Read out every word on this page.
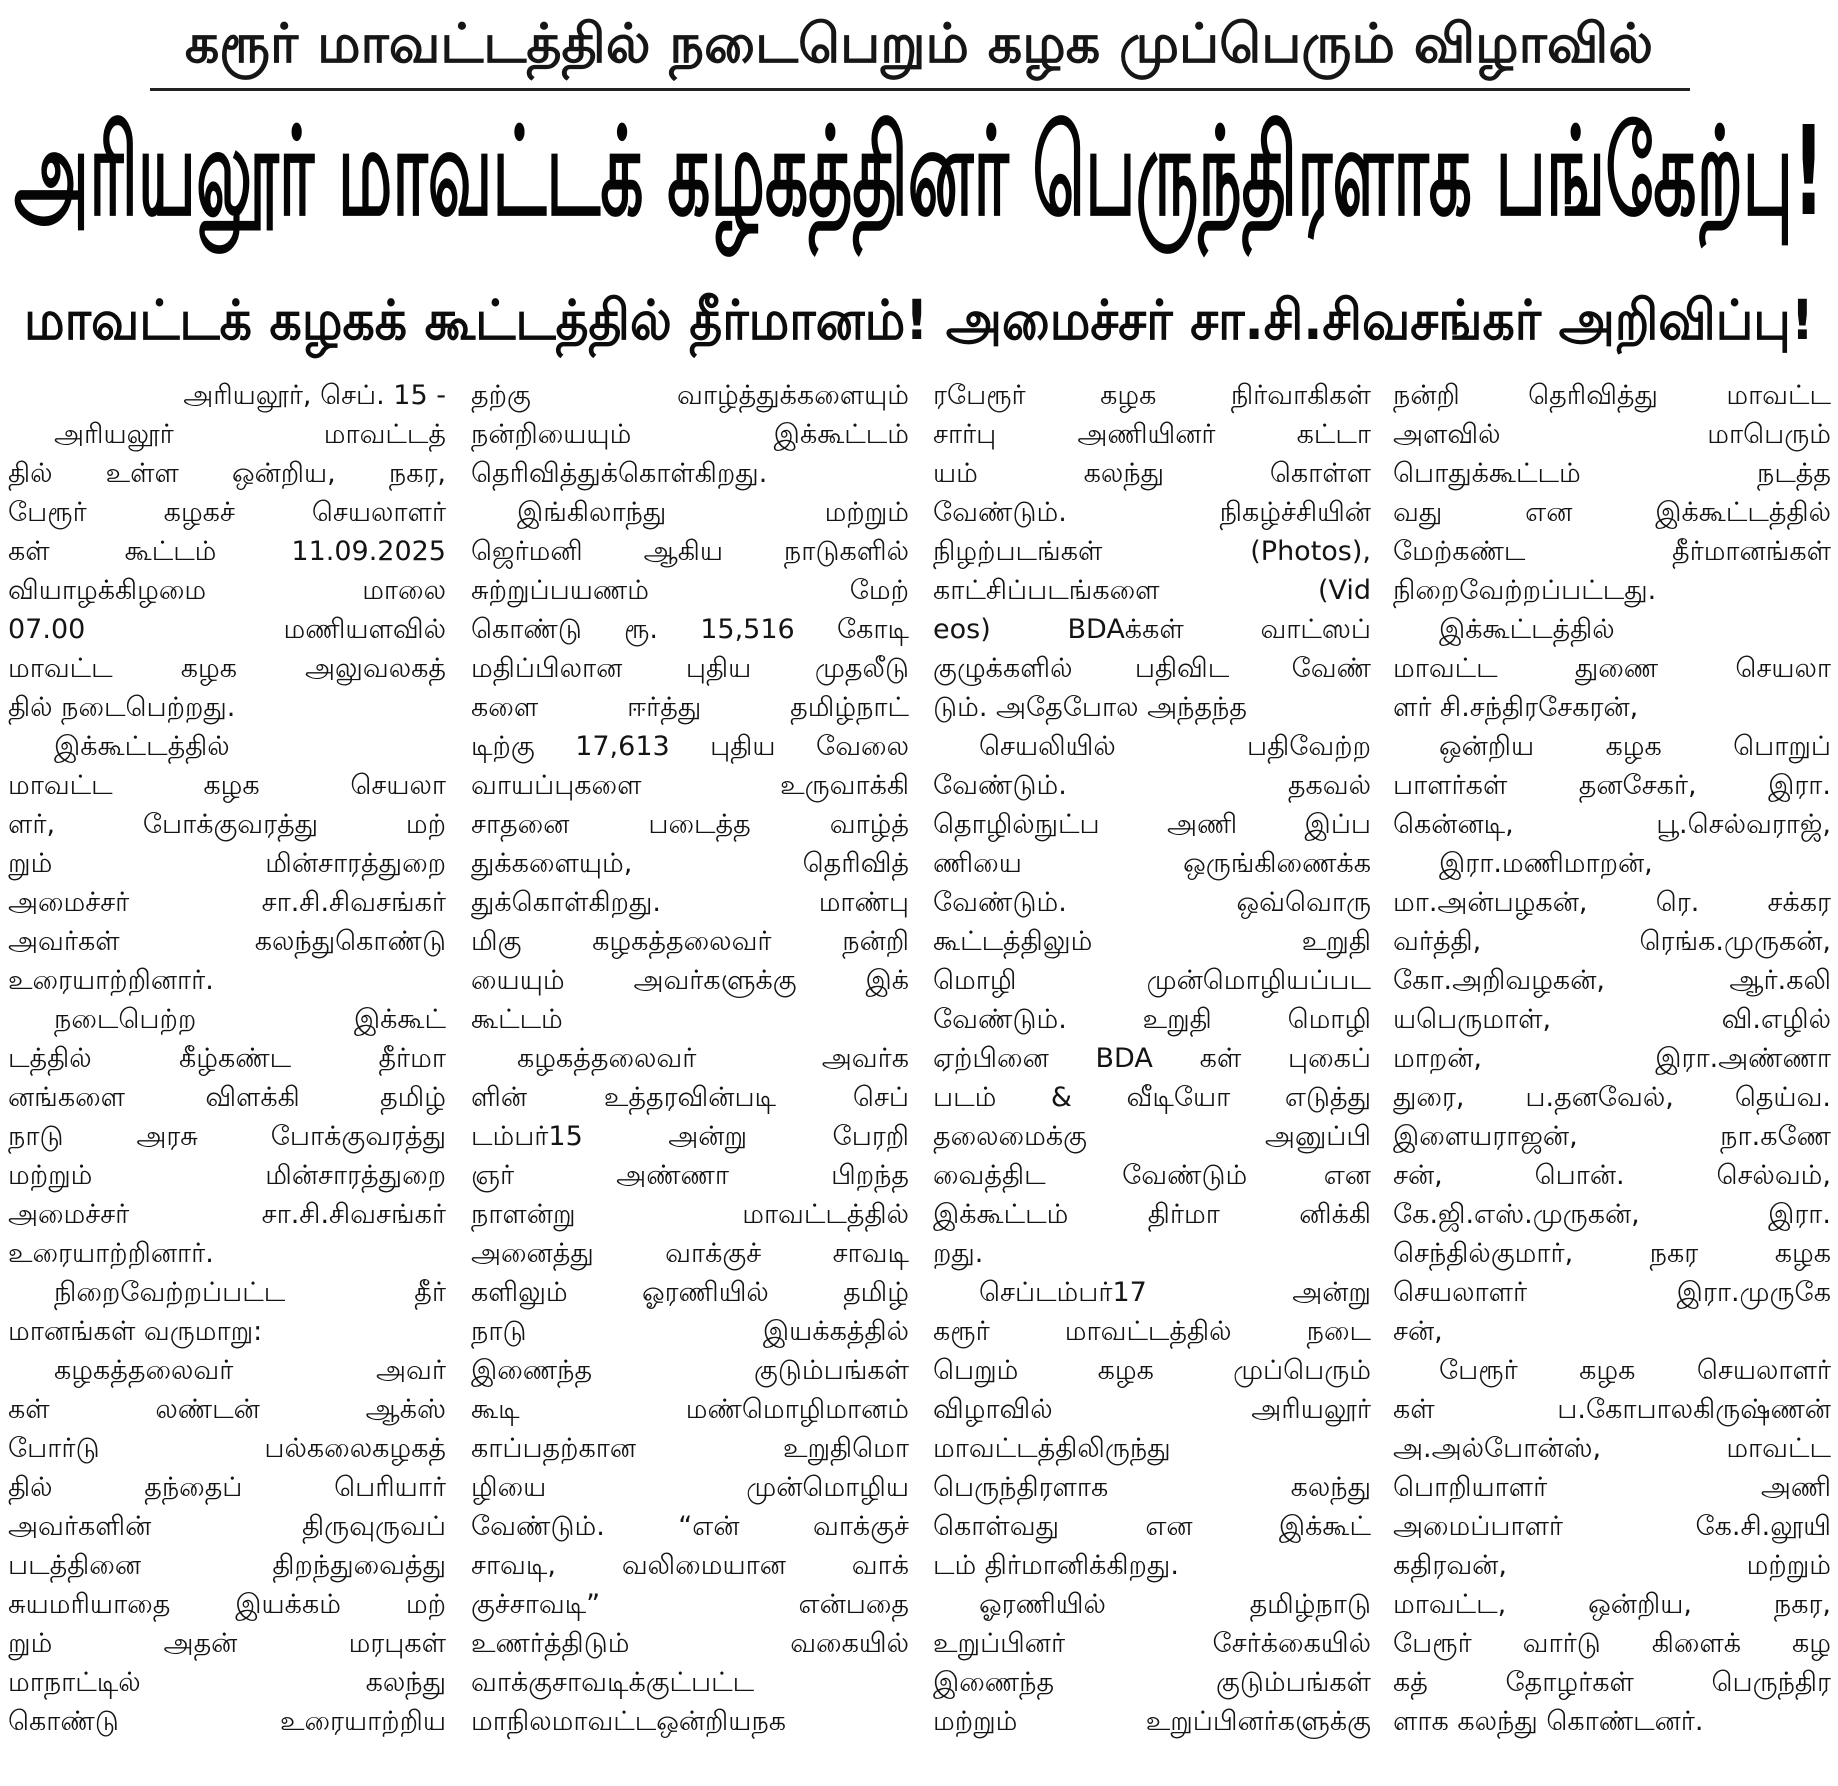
கரூர் மாவட்டத்தில் நடைபெறும் கழக முப்பெரும் விழாவில்
அரியலூர் மாவட்டக் கழகத்தினர் பெருந்திரளாக பங்கேற்பு!
மாவட்டக் கழகக் கூட்டத்தில் தீர்மானம்! அமைச்சர் சா.சி.சிவசங்கர் அறிவிப்பு!
அரியலூர், செப். 15 -
அரியலூர் மாவட்டத்
தில் உள்ள ஒன்றிய, நகர,
பேரூர் கழகச் செயலாளர்
கள் கூட்டம் 11.09.2025
வியாழக்கிழமை மாலை
07.00 மணியளவில்
மாவட்ட கழக அலுவலகத்
தில் நடைபெற்றது.
இக்கூட்டத்தில்
மாவட்ட கழக செயலா
ளர், போக்குவரத்து மற்
றும் மின்சாரத்துறை
அமைச்சர் சா.சி.சிவசங்கர்
அவர்கள் கலந்துகொண்டு
உரையாற்றினார்.
நடைபெற்ற இக்கூட்
டத்தில் கீழ்கண்ட தீர்மா
னங்களை விளக்கி தமிழ்
நாடு அரசு போக்குவரத்து
மற்றும் மின்சாரத்துறை
அமைச்சர் சா.சி.சிவசங்கர்
உரையாற்றினார்.
நிறைவேற்றப்பட்ட தீர்
மானங்கள் வருமாறு:
கழகத்தலைவர் அவர்
கள் லண்டன் ஆக்ஸ்
போர்டு பல்கலைகழகத்
தில் தந்தைப் பெரியார்
அவர்களின் திருவுருவப்
படத்தினை திறந்துவைத்து
சுயமரியாதை இயக்கம் மற்
றும் அதன் மரபுகள்
மாநாட்டில் கலந்து
கொண்டு உரையாற்றிய
தற்கு வாழ்த்துக்களையும்
நன்றியையும் இக்கூட்டம்
தெரிவித்துக்கொள்கிறது.
இங்கிலாந்து மற்றும்
ஜெர்மனி ஆகிய நாடுகளில்
சுற்றுப்பயணம் மேற்
கொண்டு ரூ. 15,516 கோடி
மதிப்பிலான புதிய முதலீடு
களை ஈர்த்து தமிழ்நாட்
டிற்கு 17,613 புதிய வேலை
வாயப்புகளை உருவாக்கி
சாதனை படைத்த வாழ்த்
துக்களையும், தெரிவித்
துக்கொள்கிறது. மாண்பு
மிகு கழகத்தலைவர் நன்றி
யையும் அவர்களுக்கு இக்
கூட்டம்
கழகத்தலைவர் அவர்க
ளின் உத்தரவின்படி செப்
டம்பர்15 அன்று பேரறி
ஞர் அண்ணா பிறந்த
நாளன்று மாவட்டத்தில்
அனைத்து வாக்குச் சாவடி
களிலும் ஓரணியில் தமிழ்
நாடு இயக்கத்தில்
இணைந்த குடும்பங்கள்
கூடி மண்மொழிமானம்
காப்பதற்கான உறுதிமொ
ழியை முன்மொழிய
வேண்டும். “என் வாக்குச்
சாவடி, வலிமையான வாக்
குச்சாவடி” என்பதை
உணர்த்திடும் வகையில்
வாக்குசாவடிக்குட்பட்ட
மாநிலமாவட்டஒன்றியநக
ரபேரூர் கழக நிர்வாகிகள்
சார்பு அணியினர் கட்டா
யம் கலந்து கொள்ள
வேண்டும். நிகழ்ச்சியின்
நிழற்படங்கள் (Photos),
காட்சிப்படங்களை (Vid
eos) BDAக்கள் வாட்ஸப்
குழுக்களில் பதிவிட வேண்
டும். அதேபோல அந்தந்த
செயலியில் பதிவேற்ற
வேண்டும். தகவல்
தொழில்நுட்ப அணி இப்ப
ணியை ஒருங்கிணைக்க
வேண்டும். ஒவ்வொரு
கூட்டத்திலும் உறுதி
மொழி முன்மொழியப்பட
வேண்டும். உறுதி மொழி
ஏற்பினை BDA கள் புகைப்
படம் & வீடியோ எடுத்து
தலைமைக்கு அனுப்பி
வைத்திட வேண்டும் என
இக்கூட்டம் திர்மா னிக்கி
றது.
செப்டம்பர்17 அன்று
கரூர் மாவட்டத்தில் நடை
பெறும் கழக முப்பெரும்
விழாவில் அரியலூர்
மாவட்டத்திலிருந்து
பெருந்திரளாக கலந்து
கொள்வது என இக்கூட்
டம் திர்மானிக்கிறது.
ஓரணியில் தமிழ்நாடு
உறுப்பினர் சேர்க்கையில்
இணைந்த குடும்பங்கள்
மற்றும் உறுப்பினர்களுக்கு
நன்றி தெரிவித்து மாவட்ட
அளவில் மாபெரும்
பொதுக்கூட்டம் நடத்த
வது என இக்கூட்டத்தில்
மேற்கண்ட தீர்மானங்கள்
நிறைவேற்றப்பட்டது.
இக்கூட்டத்தில்
மாவட்ட துணை செயலா
ளர் சி.சந்திரசேகரன்,
ஒன்றிய கழக பொறுப்
பாளர்கள் தனசேகர், இரா.
கென்னடி, பூ.செல்வராஜ்,
இரா.மணிமாறன்,
மா.அன்பழகன், ரெ. சக்கர
வர்த்தி, ரெங்க.முருகன்,
கோ.அறிவழகன், ஆர்.கலி
யபெருமாள், வி.எழில்
மாறன், இரா.அண்ணா
துரை, ப.தனவேல், தெய்வ.
இளையராஜன், நா.கணே
சன், பொன். செல்வம்,
கே.ஜி.எஸ்.முருகன், இரா.
செந்தில்குமார், நகர கழக
செயலாளர் இரா.முருகே
சன்,
பேரூர் கழக செயலாளர்
கள் ப.கோபாலகிருஷ்ணன்
அ.அல்போன்ஸ், மாவட்ட
பொறியாளர் அணி
அமைப்பாளர் கே.சி.லூயி
கதிரவன், மற்றும்
மாவட்ட, ஒன்றிய, நகர,
பேரூர் வார்டு கிளைக் கழ
கத் தோழர்கள் பெருந்திர
ளாக கலந்து கொண்டனர்.
